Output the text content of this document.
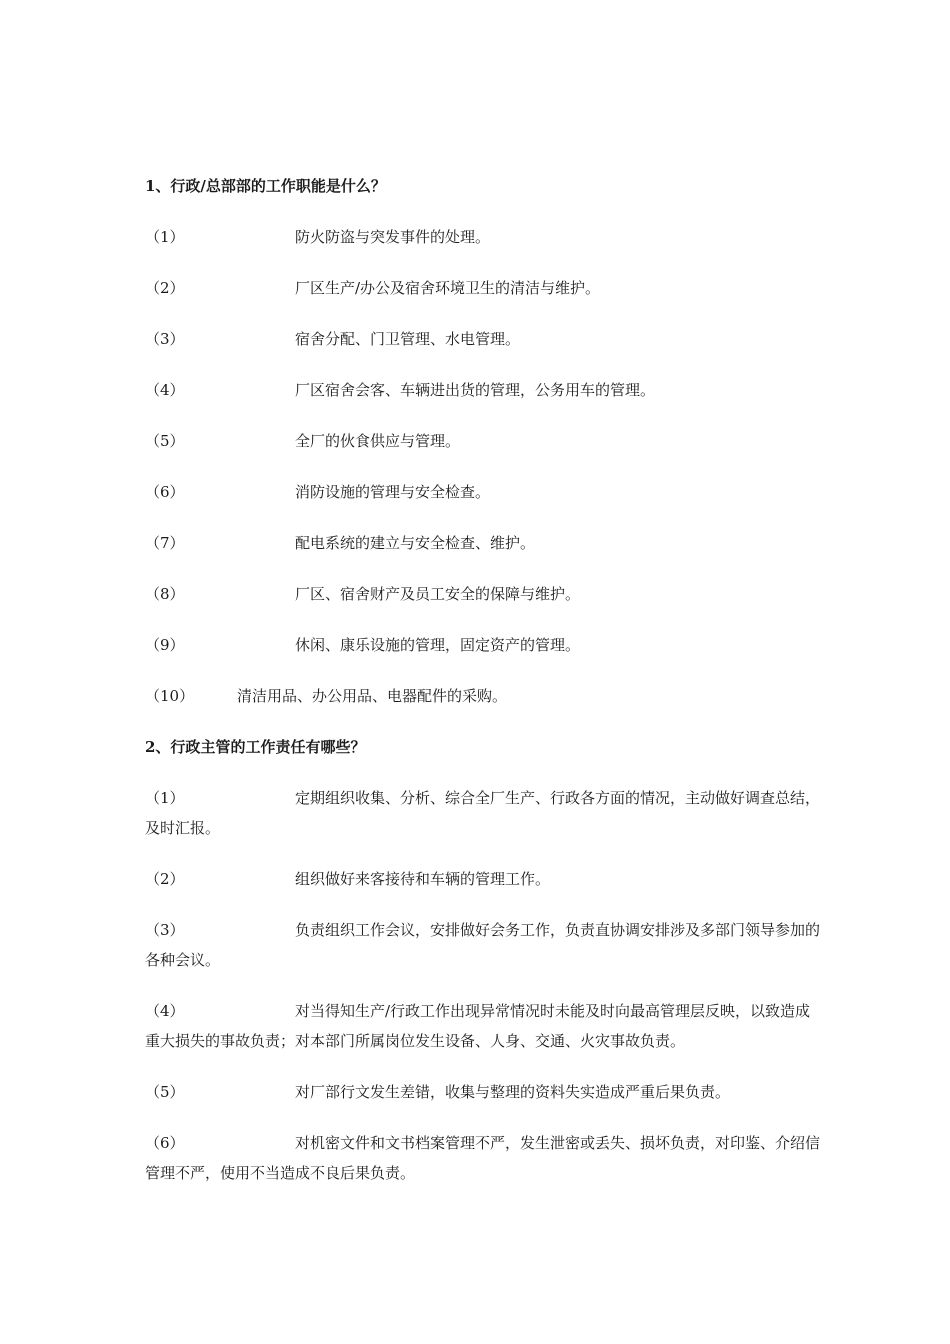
1、行政/总部部的工作职能是什么？

（1）	防火防盗与突发事件的处理。

（2）	厂区生产/办公及宿舍环境卫生的清洁与维护。

（3）	宿舍分配、门卫管理、水电管理。

（4）	厂区宿舍会客、车辆进出货的管理，公务用车的管理。

（5）	全厂的伙食供应与管理。

（6）	消防设施的管理与安全检查。

（7）	配电系统的建立与安全检查、维护。

（8）	厂区、宿舍财产及员工安全的保障与维护。

（9）	休闲、康乐设施的管理，固定资产的管理。

（10）	清洁用品、办公用品、电器配件的采购。

2、行政主管的工作责任有哪些？

（1）	定期组织收集、分析、综合全厂生产、行政各方面的情况，主动做好调查总结，及时汇报。

（2）	组织做好来客接待和车辆的管理工作。

（3）	负责组织工作会议，安排做好会务工作，负责直协调安排涉及多部门领导参加的各种会议。

（4）	对当得知生产/行政工作出现异常情况时未能及时向最高管理层反映，以致造成重大损失的事故负责；对本部门所属岗位发生设备、人身、交通、火灾事故负责。

（5）	对厂部行文发生差错，收集与整理的资料失实造成严重后果负责。

（6）	对机密文件和文书档案管理不严，发生泄密或丢失、损坏负责，对印鉴、介绍信管理不严，使用不当造成不良后果负责。
